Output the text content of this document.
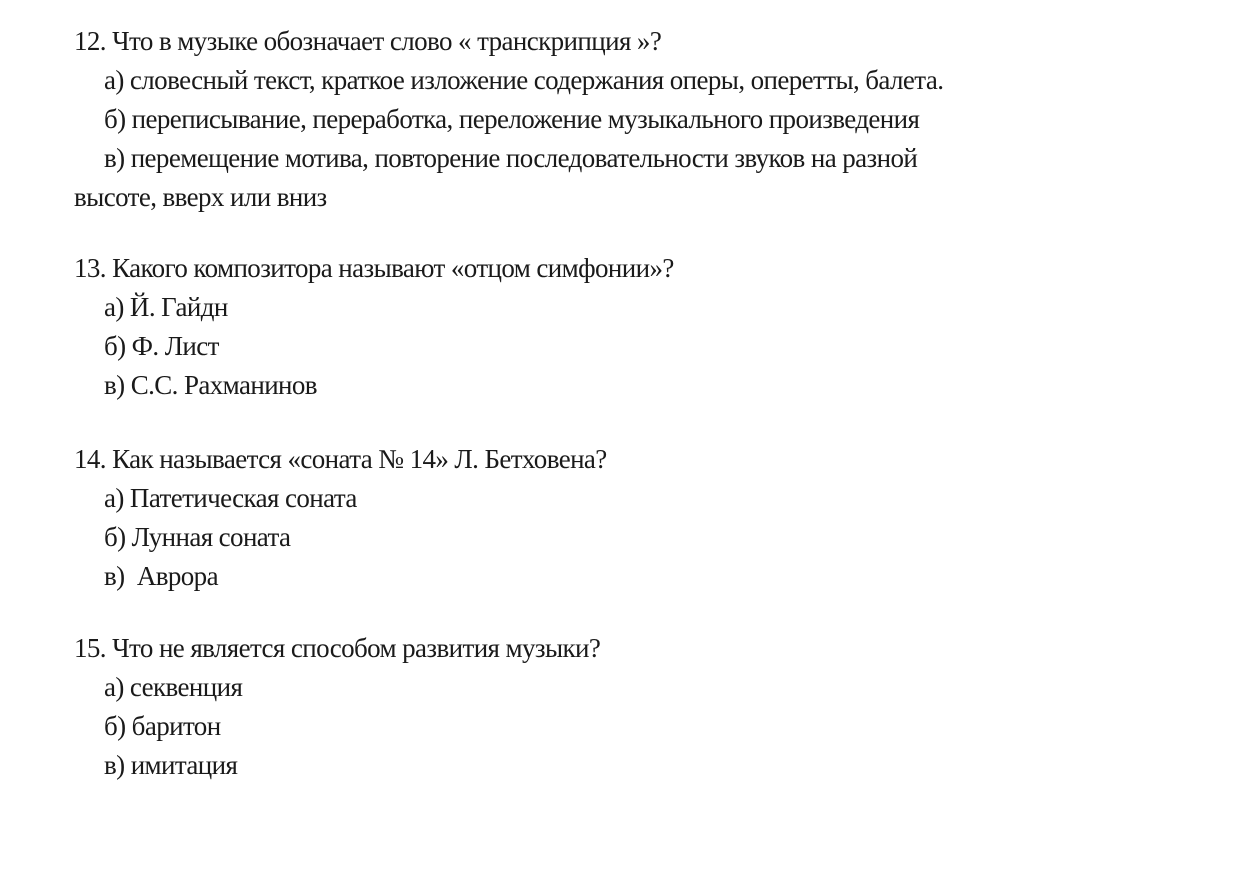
12. Что в музыке обозначает слово « транскрипция »?
а) словесный текст, краткое изложение содержания оперы, оперетты, балета.
б) переписывание, переработка, переложение музыкального произведения
в) перемещение мотива, повторение последовательности звуков на разной
высоте, вверх или вниз
13. Какого композитора называют «отцом симфонии»?
а) Й. Гайдн
б) Ф. Лист
в) С.С. Рахманинов
14. Как называется «соната № 14» Л. Бетховена?
а) Патетическая соната
б) Лунная соната
в)  Аврора
15. Что не является способом развития музыки?
а) секвенция
б) баритон
в) имитация
